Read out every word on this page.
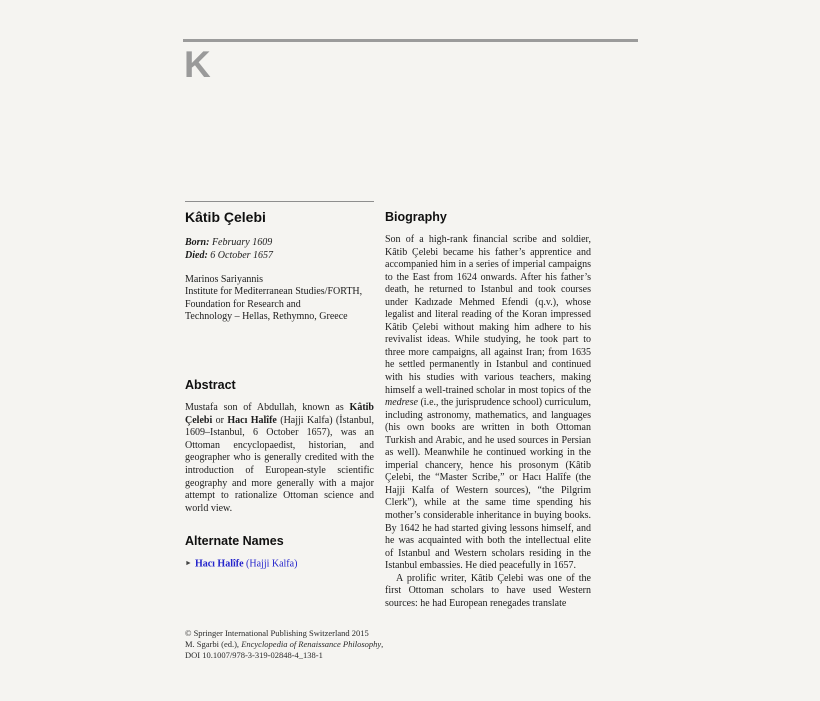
K
Kâtib Çelebi
Born: February 1609
Died: 6 October 1657
Marinos Sariyannis
Institute for Mediterranean Studies/FORTH,
Foundation for Research and
Technology – Hellas, Rethymno, Greece
Abstract
Mustafa son of Abdullah, known as Kâtib Çelebi or Hacı Halîfe (Hajji Kalfa) (İstanbul, 1609–Istanbul, 6 October 1657), was an Ottoman encyclopaedist, historian, and geographer who is generally credited with the introduction of European-style scientific geography and more generally with a major attempt to rationalize Ottoman science and world view.
Alternate Names
► Hacı Halîfe (Hajji Kalfa)
© Springer International Publishing Switzerland 2015
M. Sgarbi (ed.), Encyclopedia of Renaissance Philosophy,
DOI 10.1007/978-3-319-02848-4_138-1
Biography

Son of a high-rank financial scribe and soldier, Kâtib Çelebi became his father’s apprentice and accompanied him in a series of imperial campaigns to the East from 1624 onwards. After his father’s death, he returned to Istanbul and took courses under Kadızade Mehmed Efendi (q.v.), whose legalist and literal reading of the Koran impressed Kâtib Çelebi without making him adhere to his revivalist ideas. While studying, he took part to three more campaigns, all against Iran; from 1635 he settled permanently in Istanbul and continued with his studies with various teachers, making himself a well-trained scholar in most topics of the medrese (i.e., the jurisprudence school) curriculum, including astronomy, mathematics, and languages (his own books are written in both Ottoman Turkish and Arabic, and he used sources in Persian as well). Meanwhile he continued working in the imperial chancery, hence his prosonym (Kâtib Çelebi, the “Master Scribe,” or Hacı Halîfe (the Hajji Kalfa of Western sources), “the Pilgrim Clerk”), while at the same time spending his mother’s considerable inheritance in buying books. By 1642 he had started giving lessons himself, and he was acquainted with both the intellectual elite of Istanbul and Western scholars residing in the Istanbul embassies. He died peacefully in 1657.

A prolific writer, Kâtib Çelebi was one of the first Ottoman scholars to have used Western sources: he had European renegades translate
